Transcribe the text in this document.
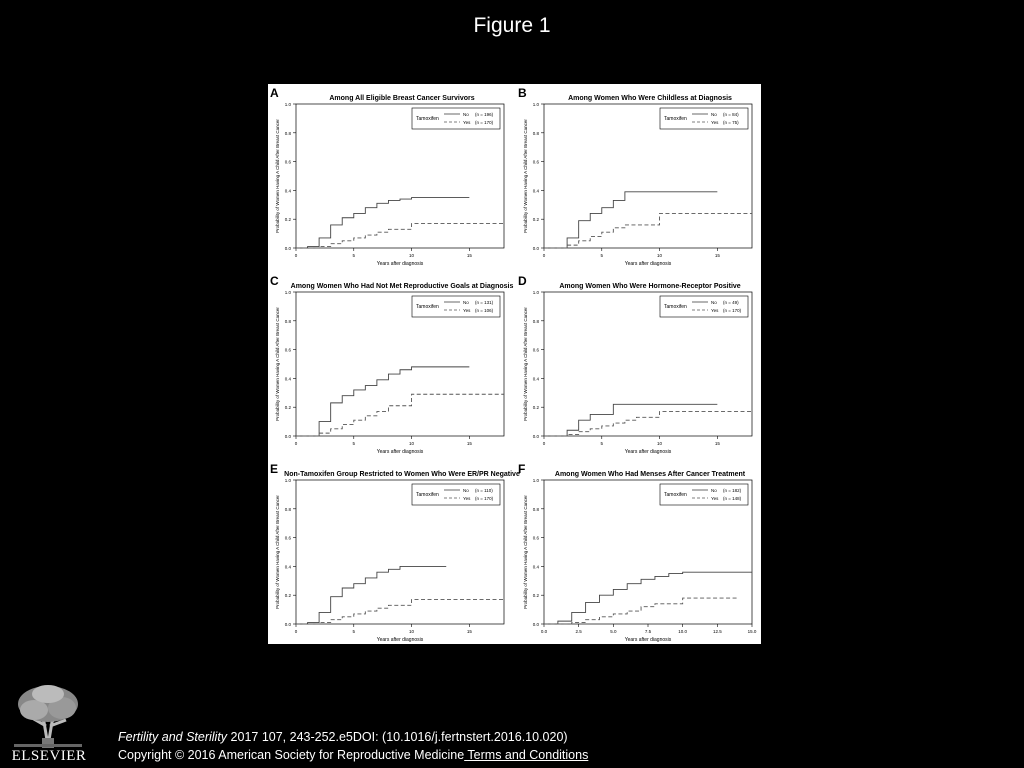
Figure 1
A	Among All Eligible Breast Cancer Survivors
0.0
0.2
0.4
0.6
0.8
1.0
0	5	10	15
Years after diagnosis
Probability of Women Having A Child After Breast Cancer
Tamoxifen
No (n = 196)
Yes (n = 170)
B	Among Women Who Were Childless at Diagnosis
0.0
0.2
0.4
0.6
0.8
1.0
0	5	10	15
Years after diagnosis
Probability of Women Having A Child After Breast Cancer
Tamoxifen
No (n = 84)
Yes (n = 75)
C Among Women Who Had Not Met Reproductive Goals at Diagnosis
0.0
0.2
0.4
0.6
0.8
1.0
0	5	10	15
Years after diagnosis
Probability of Women Having A Child After Breast Cancer
Tamoxifen
No (n = 131)
Yes (n = 106)
D	Among Women Who Were Hormone-Receptor Positive
0.0
0.2
0.4
0.6
0.8
1.0
0	5	10	15
Years after diagnosis
Probability of Women Having A Child After Breast Cancer
Tamoxifen
No (n = 49)
Yes (n = 170)
E Non-Tamoxifen Group Restricted to Women Who Were ER/PR Negative
0.0
0.2
0.4
0.6
0.8
1.0
0	5	10	15
Years after diagnosis
Probability of Women Having A Child After Breast Cancer
Tamoxifen
No (n = 110)
Yes (n = 170)
F	Among Women Who Had Menses After Cancer Treatment
0.0
0.2
0.4
0.6
0.8
1.0
0.0	2.5	5.0	7.5	10.0	12.5	15.0
Years after diagnosis
Probability of Women Having A Child After Breast Cancer
Tamoxifen
No (n = 182)
Yes (n = 148)
ELSEVIER
Fertility and Sterility 2017 107, 243-252.e5DOI: (10.1016/j.fertnstert.2016.10.020)
Copyright © 2016 American Society for Reproductive Medicine Terms and Conditions
